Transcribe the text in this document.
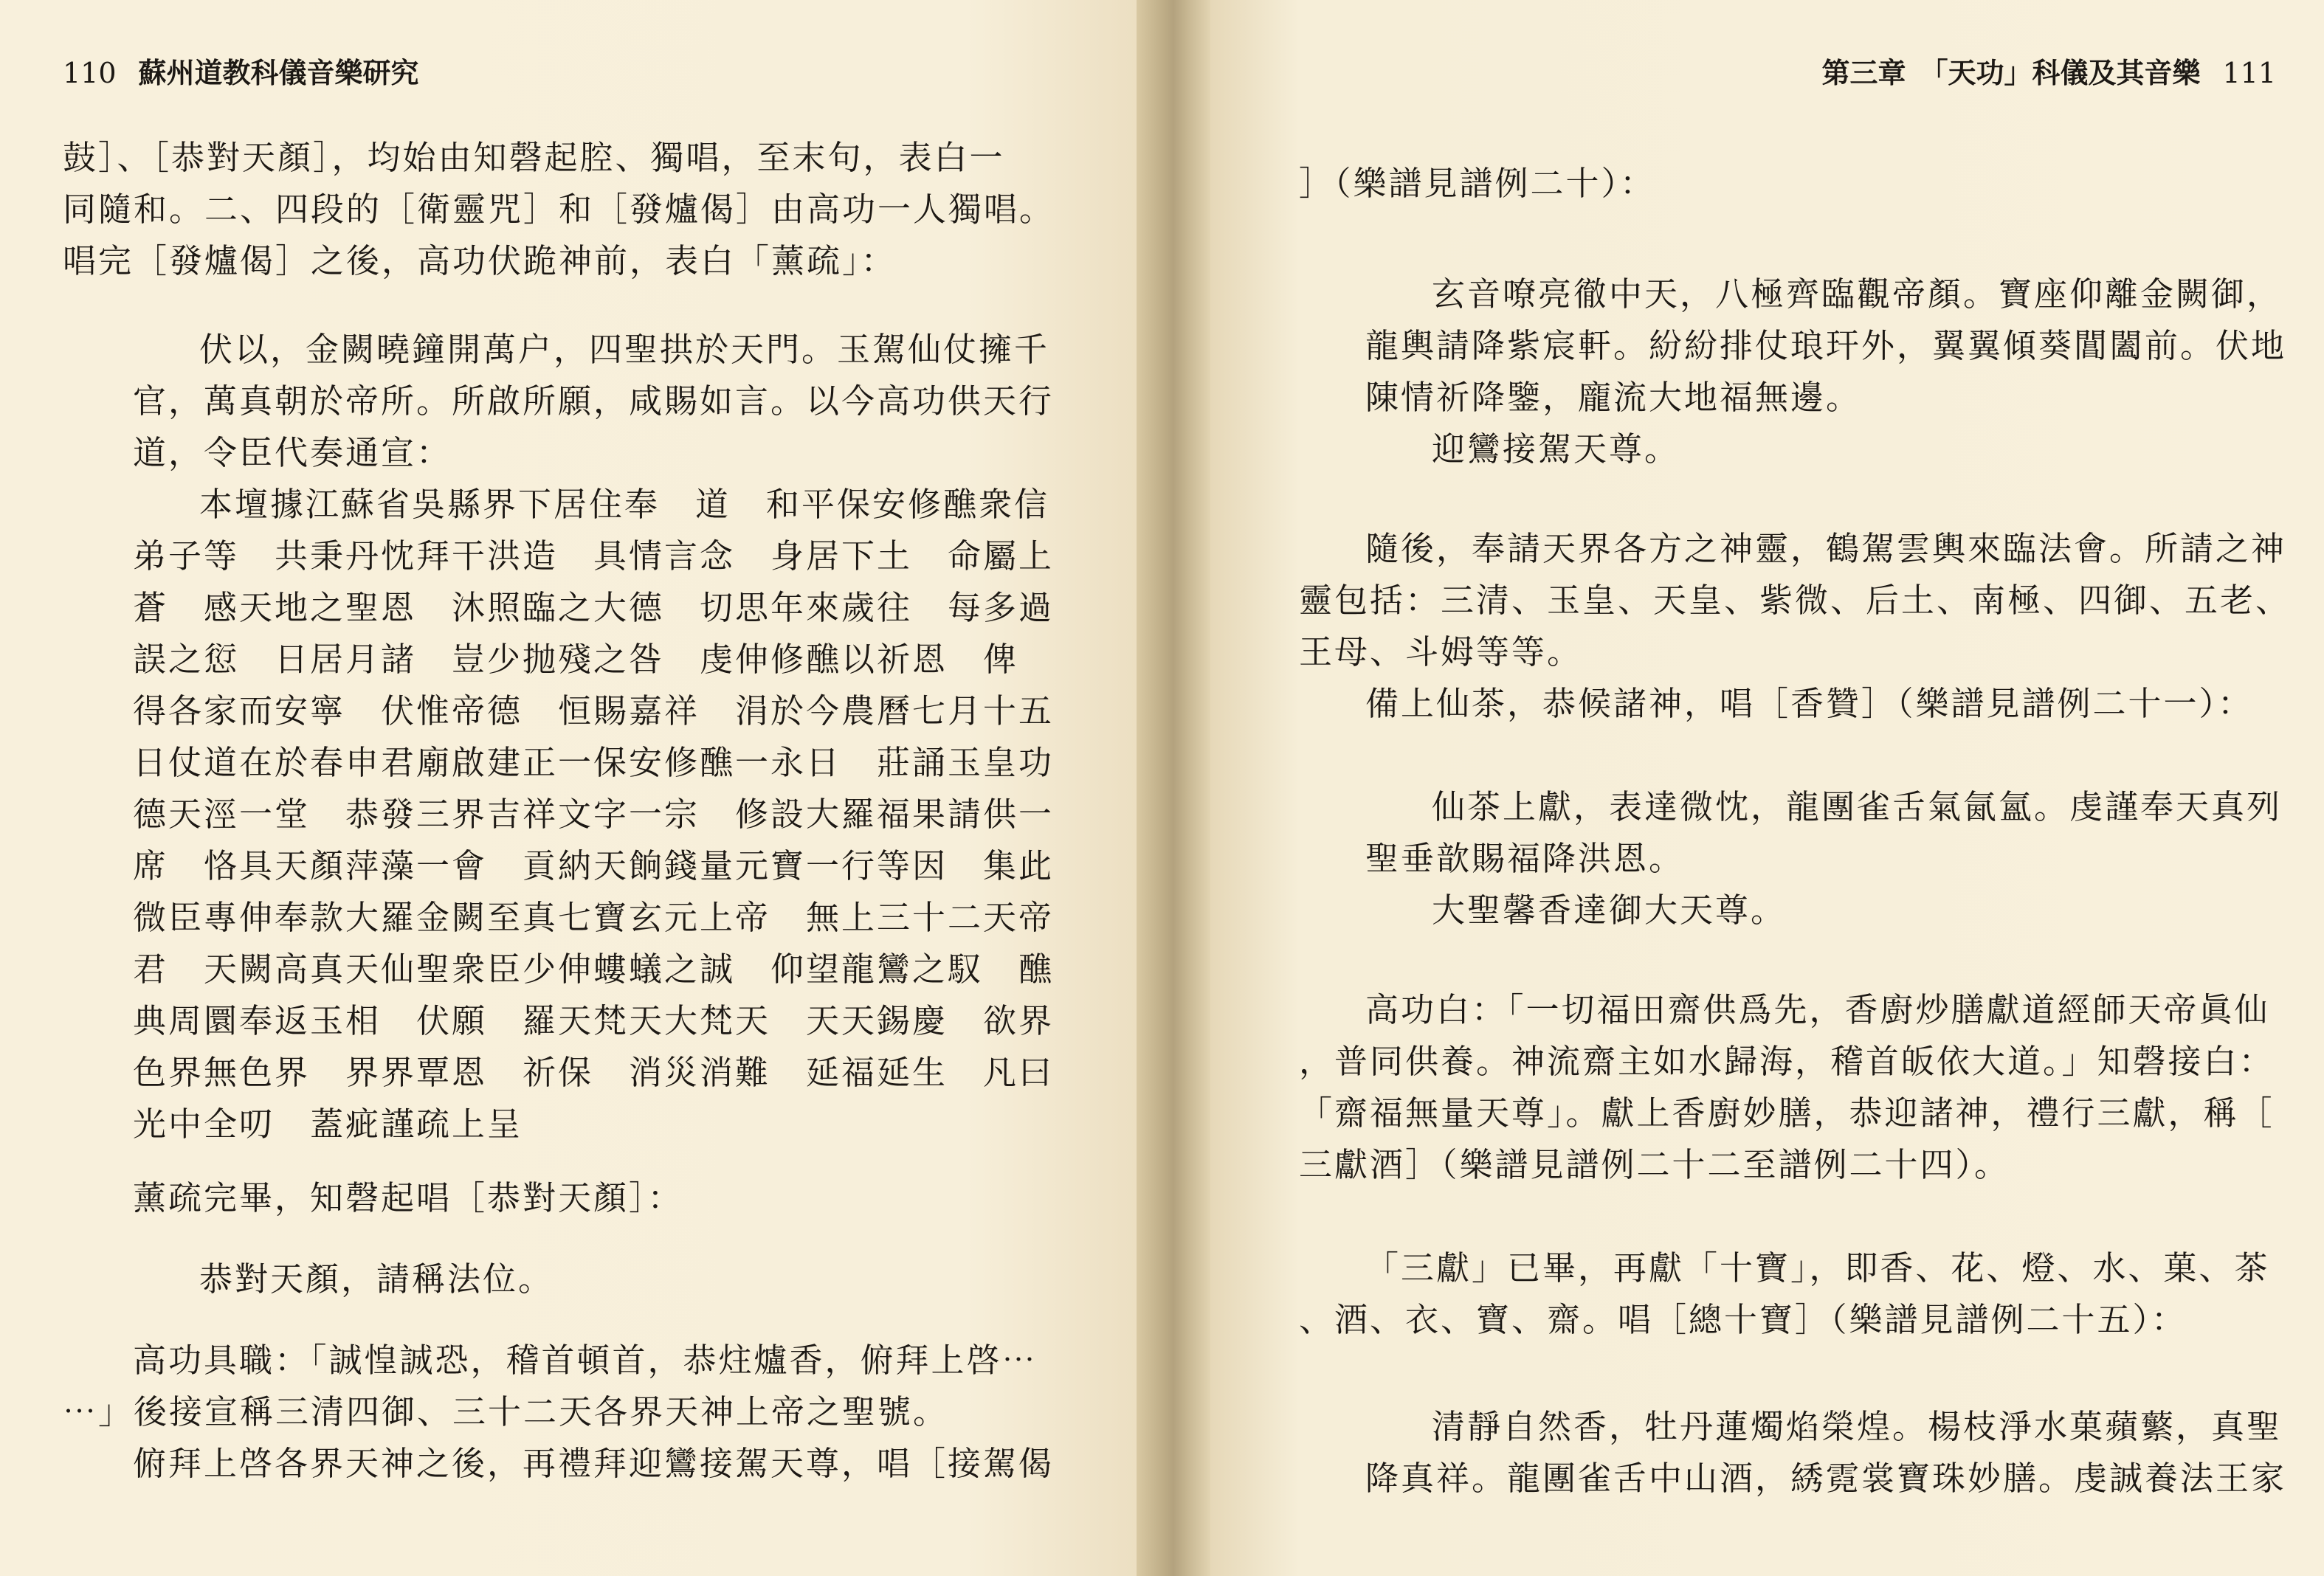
110 蘇州道教科儀音樂研究	第三章　「天功」科儀及其音樂 111
鼓］、［恭對天顏］，均始由知磬起腔、獨唱，至末句，表白一
同隨和。二、四段的［衛靈咒］和［發爐偈］由高功一人獨唱。
唱完［發爐偈］之後，高功伏跪神前，表白「薰疏」：
伏以，金闕曉鐘開萬户，四聖拱於天門。玉駕仙仗擁千
官，萬真朝於帝所。所啟所願，咸賜如言。以今高功供天行
道，令臣代奏通宣：
本壇據江蘇省吳縣界下居住奉　道　和平保安修醮衆信
弟子等　共秉丹忱拜干洪造　具情言念　身居下土　命屬上
蒼　感天地之聖恩　沐照臨之大德　切思年來歲往　每多過
誤之愆　日居月諸　豈少抛殘之咎　虔伸修醮以祈恩　俾
得各家而安寧　伏惟帝德　恒賜嘉祥　涓於今農曆七月十五
日仗道在於春申君廟啟建正一保安修醮一永日　莊誦玉皇功
德天涇一堂　恭發三界吉祥文字一宗　修設大羅福果請供一
席　恪具天顏萍藻一會　貢納天餉錢量元寶一行等因　集此
微臣專伸奉款大羅金闕至真七寶玄元上帝　無上三十二天帝
君　天闕高真天仙聖衆臣少伸螻蟻之誠　仰望龍鸞之馭　醮
典周圜奉返玉相　伏願　羅天梵天大梵天　天天錫慶　欲界
色界無色界　界界覃恩　祈保　消災消難　延福延生　凡曰
光中全叨　蓋疵謹疏上呈
薰疏完畢，知磬起唱［恭對天顏］：
恭對天顏，請稱法位。
高功具職：「誠惶誠恐，稽首頓首，恭炷爐香，俯拜上啓⋯
⋯」後接宣稱三清四御、三十二天各界天神上帝之聖號。
俯拜上啓各界天神之後，再禮拜迎鸞接駕天尊，唱［接駕偈
］（樂譜見譜例二十）：
玄音嘹亮徹中天，八極齊臨觀帝顏。寶座仰離金闕御，
龍輿請降紫宸軒。紛紛排仗琅玕外，翼翼傾葵閶闔前。伏地
陳情祈降鑒，龐流大地福無邊。
迎鸞接駕天尊。
隨後，奉請天界各方之神靈，鶴駕雲輿來臨法會。所請之神
靈包括：三清、玉皇、天皇、紫微、后土、南極、四御、五老、
王母、斗姆等等。
備上仙茶，恭候諸神，唱［香贊］（樂譜見譜例二十一）：
仙茶上獻，表達微忱，龍團雀舌氣氤氳。虔謹奉天真列
聖垂歆賜福降洪恩。
大聖馨香達御大天尊。
高功白：「一切福田齋供爲先，香廚炒膳獻道經師天帝眞仙
，普同供養。神流齋主如水歸海，稽首皈依大道。」知磬接白：
「齋福無量天尊」。獻上香廚妙膳，恭迎諸神，禮行三獻，稱［
三獻酒］（樂譜見譜例二十二至譜例二十四）。
「三獻」已畢，再獻「十寶」，即香、花、燈、水、菓、茶
、酒、衣、寶、齋。唱［總十寶］（樂譜見譜例二十五）：
清靜自然香，牡丹蓮燭焰榮煌。楊枝淨水菓蘋蘩，真聖
降真祥。龍團雀舌中山酒，綉霓裳寶珠妙膳。虔誠養法王家
